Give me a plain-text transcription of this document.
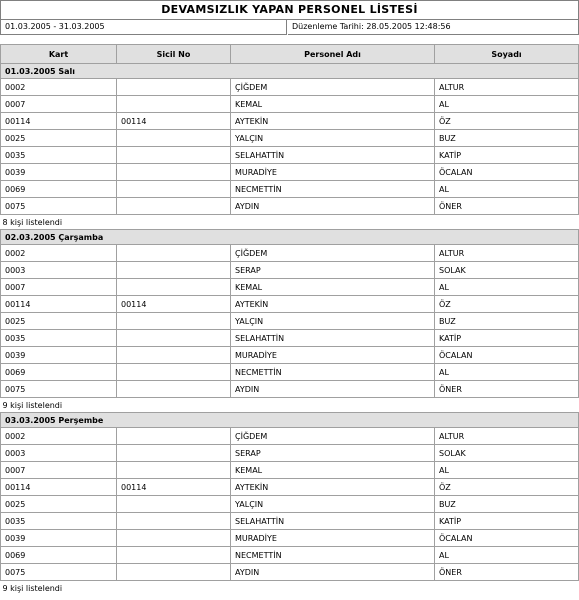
DEVAMSIZLIK YAPAN PERSONEL LİSTESİ
01.03.2005 - 31.03.2005	Düzenleme Tarihi: 28.05.2005 12:48:56
Kart	Sicil No	Personel Adı	Soyadı
01.03.2005 Salı			
0002		ÇİĞDEM	ALTUR
0007		KEMAL	AL
00114	00114	AYTEKİN	ÖZ
0025		YALÇIN	BUZ
0035		SELAHATTİN	KATİP
0039		MURADİYE	ÖCALAN
0069		NECMETTİN	AL
0075		AYDIN	ÖNER
8 kişi listelendi			
02.03.2005 Çarşamba			
0002		ÇİĞDEM	ALTUR
0003		SERAP	SOLAK
0007		KEMAL	AL
00114	00114	AYTEKİN	ÖZ
0025		YALÇIN	BUZ
0035		SELAHATTİN	KATİP
0039		MURADİYE	ÖCALAN
0069		NECMETTİN	AL
0075		AYDIN	ÖNER
9 kişi listelendi			
03.03.2005 Perşembe			
0002		ÇİĞDEM	ALTUR
0003		SERAP	SOLAK
0007		KEMAL	AL
00114	00114	AYTEKİN	ÖZ
0025		YALÇIN	BUZ
0035		SELAHATTİN	KATİP
0039		MURADİYE	ÖCALAN
0069		NECMETTİN	AL
0075		AYDIN	ÖNER
9 kişi listelendi			
